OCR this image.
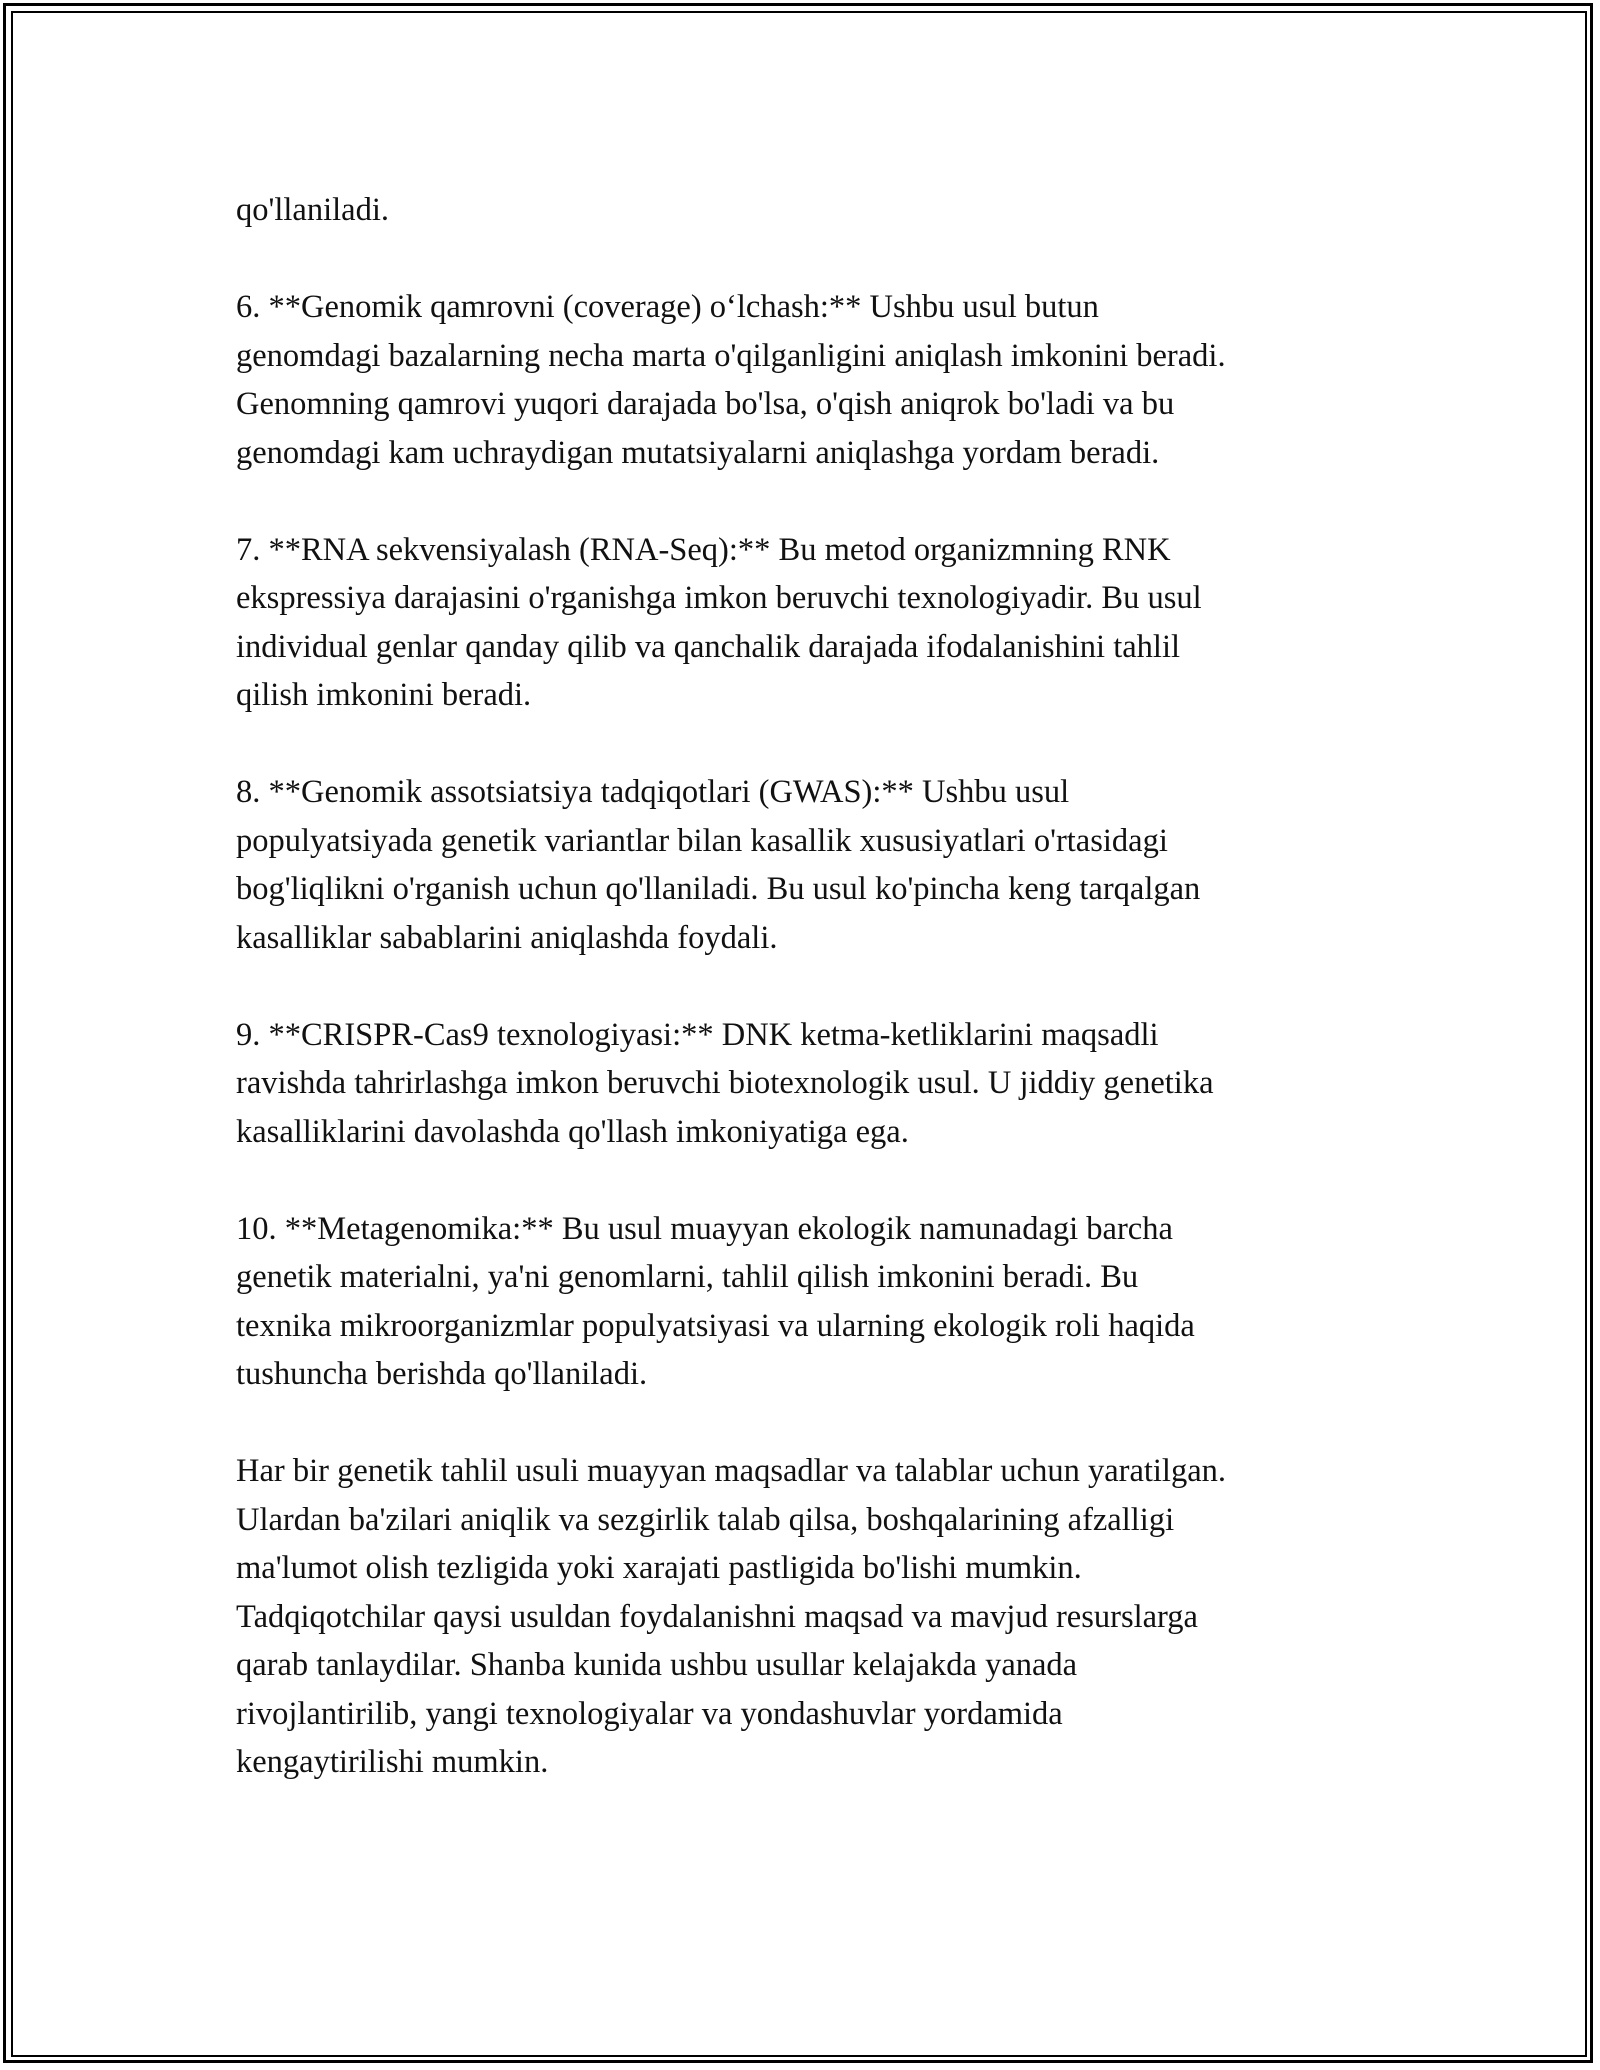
qo'llaniladi.

6. **Genomik qamrovni (coverage) o‘lchash:** Ushbu usul butun
genomdagi bazalarning necha marta o'qilganligini aniqlash imkonini beradi.
Genomning qamrovi yuqori darajada bo'lsa, o'qish aniqrok bo'ladi va bu
genomdagi kam uchraydigan mutatsiyalarni aniqlashga yordam beradi.

7. **RNA sekvensiyalash (RNA-Seq):** Bu metod organizmning RNK
ekspressiya darajasini o'rganishga imkon beruvchi texnologiyadir. Bu usul
individual genlar qanday qilib va qanchalik darajada ifodalanishini tahlil
qilish imkonini beradi.

8. **Genomik assotsiatsiya tadqiqotlari (GWAS):** Ushbu usul
populyatsiyada genetik variantlar bilan kasallik xususiyatlari o'rtasidagi
bog'liqlikni o'rganish uchun qo'llaniladi. Bu usul ko'pincha keng tarqalgan
kasalliklar sabablarini aniqlashda foydali.

9. **CRISPR-Cas9 texnologiyasi:** DNK ketma-ketliklarini maqsadli
ravishda tahrirlashga imkon beruvchi biotexnologik usul. U jiddiy genetika
kasalliklarini davolashda qo'llash imkoniyatiga ega.

10. **Metagenomika:** Bu usul muayyan ekologik namunadagi barcha
genetik materialni, ya'ni genomlarni, tahlil qilish imkonini beradi. Bu
texnika mikroorganizmlar populyatsiyasi va ularning ekologik roli haqida
tushuncha berishda qo'llaniladi.

Har bir genetik tahlil usuli muayyan maqsadlar va talablar uchun yaratilgan.
Ulardan ba'zilari aniqlik va sezgirlik talab qilsa, boshqalarining afzalligi
ma'lumot olish tezligida yoki xarajati pastligida bo'lishi mumkin.
Tadqiqotchilar qaysi usuldan foydalanishni maqsad va mavjud resurslarga
qarab tanlaydilar. Shanba kunida ushbu usullar kelajakda yanada
rivojlantirilib, yangi texnologiyalar va yondashuvlar yordamida
kengaytirilishi mumkin.
